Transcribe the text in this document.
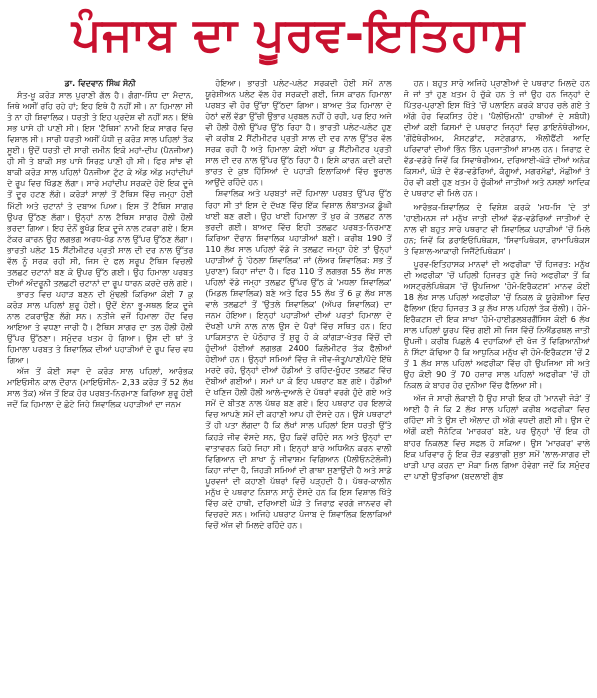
ਪੰਜਾਬ ਦਾ ਪੂਰਵ-ਇਤਿਹਾਸ

ਡਾ. ਵਿਦਵਾਨ ਸਿੰਘ ਸੋਨੀ

ਸੰਤ-ਖੂ ਕਰੋੜ ਸਾਲ ਪੁਰਾਣੀ ਗੱਲ ਹੈ। ਗੰਗਾ-ਸਿੰਧ ਦਾ ਮੈਦਾਨ, ਜਿਥੇ ਅਸੀਂ ਰਹਿ ਰਹੇ ਹਾਂ; ਇਹ ਇਥੇ ਹੈ ਨਹੀਂ ਸੀ। ਨਾ ਹਿਮਾਲਾ ਸੀ ਤੇ ਨਾ ਹੀ ਸ਼ਿਵਾਲਿਕ। ਧਰਤੀ ਤੇ ਇਹ ਪ੍ਰਦੇਸ਼ ਵੀ ਨਹੀਂ ਸਨ। ਇੱਥੇ ਸਭ ਪਾਸੇ ਹੀ ਪਾਣੀ ਸੀ। ਇਸ 'ਟੈਥਿਸ' ਨਾਮੀ ਇਕ ਸਾਗਰ ਵਿਚ ਵਿਸ਼ਾਲ ਸੀ। ਸਾਰੀ ਧਰਤੀ ਅਸੀਂ ਪੰਧੀ ਜੁ ਕਰੋੜ ਸਾਲ ਪਹਿਲਾਂ ਤੱਕ ਸੂਈ। ਉਦੋਂ ਧਰਤੀ ਦੀ ਸਾਰੀ ਜ਼ਮੀਨ ਇਕੋ ਮਹਾਂ-ਦੀਪ (ਪੈਨਜੀਆ) ਹੀ ਸੀ ਤੇ ਬਾਕੀ ਸਭ ਪਾਸੇ ਸਿਰਫ਼ ਪਾਣੀ ਹੀ ਸੀ। ਫਿਰ ਸਾਂਝ ਵੀ ਬਾਕੀ ਕਰੋੜ ਸਾਲ ਪਹਿਲਾਂ ਪੈਨਜੀਆ ਟੁੱਟ ਕੇ ਅੱਡ ਅੱਡ ਮਹਾਂਦੀਪਾਂ ਦੇ ਰੂਪ ਵਿਚ ਖਿੰਡਣ ਲੱਗਾ। ਸਾਰੇ ਮਹਾਂਦੀਪ ਸਰਕਦੇ ਹੋਏ ਇਕ ਦੂਜੇ ਤੋਂ ਦੂਰ ਹਟਣ ਲੱਗੇ। ਕਰੋੜਾਂ ਸਾਲਾਂ ਤੋਂ ਟੈਥਿਸ ਵਿੱਚ ਜਮ੍ਹਾ ਹੋਈ ਮਿੱਟੀ ਅਤੇ ਚਟਾਨਾਂ ਤੇ ਦਬਾਅ ਪਿਆ। ਇਸ ਤੋਂ ਟੈਥਿਸ ਸਾਗਰ ਉਪਰ ਉੱਠਣ ਲੱਗਾ। ਉਨ੍ਹਾਂ ਨਾਲ ਟੈਥਿਸ ਸਾਗਰ ਹੌਲੀ ਹੌਲੀ ਭਰਦਾ ਗਿਆ। ਇਹ ਦੋਨੋਂ ਭੂਖੰਡ ਇਕ ਦੂਜੇ ਨਾਲ ਟਕਰਾ ਗਏ। ਇਸ ਟੱਕਰ ਕਾਰਨ ਉਹ ਲਗਭਗ ਅਰਧ-ਖੰਡ ਨਾਲ ਉੱਪਰ ਉੱਠਣ ਲੱਗਾ। ਭਾਰਤੀ ਪਲੇਟ 15 ਸੈਂਟੀਮੀਟਰ ਪ੍ਰਤੀ ਸਾਲ ਦੀ ਦਰ ਨਾਲ ਉੱਤਰ ਵੱਲ ਨੂੰ ਸਰਕ ਰਹੀ ਸੀ, ਜਿਸ ਦੇ ਫਲ ਸਰੂਪ ਟੈਥਿਸ ਵਿਚਲੀ ਤਲਛਟ ਚਟਾਨਾਂ ਬਣ ਕੇ ਉਪਰ ਉੱਠ ਗਈ। ਉਹ ਹਿਮਾਲਾ ਪਰਬਤ ਦੀਆਂ ਅੰਦਰੂਨੀ ਤਲਛਟੀ ਚਟਾਨਾਂ ਦਾ ਰੂਪ ਧਾਰਨ ਕਰਦੇ ਚਲੇ ਗਏ।

ਭਾਰਤ ਵਿਚ ਪਹਾੜ ਬਣਨ ਦੀ ਮੁੱਢਲੀ ਕਿਰਿਆ ਕੋਈ 7 ਕੁ ਕਰੋੜ ਸਾਲ ਪਹਿਲਾਂ ਸ਼ੁਰੂ ਹੋਈ। ਉਦੋਂ ਏਨਾ ਭੂ-ਸਥਲ ਇਕ ਦੂਜੇ ਨਾਲ ਟਕਰਾਉਣ ਲੱਗੇ ਸਨ। ਨਤੀਜੇ ਵਜੋਂ ਹਿਮਾਲਾ ਹੋਂਦ ਵਿਚ ਆਇਆ ਤੇ ਵਧਣਾ ਜਾਰੀ ਹੈ। ਟੈਥਿਸ ਸਾਗਰ ਦਾ ਤਲ ਹੌਲੀ ਹੌਲੀ ਉੱਪਰ ਉੱਠਣਾ। ਸਮੁੰਦਰ ਖਤਮ ਹੋ ਗਿਆ। ਉਸ ਦੀ ਥਾਂ ਤੇ ਹਿਮਾਲਾ ਪਰਬਤ ਤੇ ਸ਼ਿਵਾਲਿਕ ਦੀਆਂ ਪਹਾੜੀਆਂ ਦੇ ਰੂਪ ਵਿਚ ਵਧ ਗਿਆ।

ਅੱਜ ਤੋਂ ਕੋਈ ਸਵਾ ਦੋ ਕਰੋੜ ਸਾਲ ਪਹਿਲਾਂ, ਆਰੰਭਕ ਮਾਇਓਸੀਨ ਕਾਲ ਦੌਰਾਨ (ਮਾਇਓਸੀਨ- 2,33 ਕਰੋੜ ਤੋਂ 52 ਲੱਖ ਸਾਲ ਤੱਕ) ਅੱਜ ਤੋਂ ਇਕ ਹੋਰ ਪਰਬਤ-ਨਿਰਮਾਣ ਕਿਰਿਆ ਸ਼ੁਰੂ ਹੋਈ ਜਦੋਂ ਕਿ ਹਿਮਾਲਾ ਦੇ ਛੋਟੇ ਜਿਹੇ ਸ਼ਿਵਾਲਿਕ ਪਹਾੜੀਆਂ ਦਾ ਜਨਮ

ਹੋਇਆ। ਭਾਰਤੀ ਪਲੇਟ-ਪਲੇਟ ਸਰਕਦੀ ਹੋਈ ਸਮੇਂ ਨਾਲ ਯੂਰੇਸ਼ੀਅਨ ਪਲੇਟ ਵੱਲ ਹੋਰ ਸਰਕਦੀ ਗਈ, ਜਿਸ ਕਾਰਨ ਹਿਮਾਲਾ ਪਰਬਤ ਵੀ ਹੋਰ ਉੱਚਾ ਉੱਠਦਾ ਗਿਆ। ਬਾਅਦ ਤੱਕ ਹਿਮਾਲਾ ਦੇ ਹੇਠਾਂ ਵਲੋਂ ਵੱਡਾ ਉੱਚੀ ਉਭਾਰ ਪ੍ਰਬਲ ਨਹੀਂ ਹੋ ਰਹੀ, ਪਰ ਇਹ ਅਜੇ ਵੀ ਹੌਲੀ ਹੌਲੀ ਉੱਪਰ ਉੱਠ ਰਿਹਾ ਹੈ। ਭਾਰਤੀ ਪਲੇਟ-ਪਲੇਟ ਹੁਣ ਵੀ ਕਰੀਬ 2 ਸੈਂਟੀਮੀਟਰ ਪ੍ਰਤੀ ਸਾਲ ਦੀ ਦਰ ਨਾਲ ਉੱਤਰ ਵੱਲ ਸਰਕ ਰਹੀ ਹੈ ਅਤੇ ਹਿਮਾਲਾ ਕੋਈ ਅੱਧਾ ਕੁ ਸੈਂਟੀਮੀਟਰ ਪ੍ਰਤੀ ਸਾਲ ਦੀ ਦਰ ਨਾਲ ਉੱਪਰ ਉੱਠ ਰਿਹਾ ਹੈ। ਇਸੇ ਕਾਰਨ ਕਦੀ ਕਦੀ ਭਾਰਤ ਦੇ ਕੁਝ ਹਿੱਸਿਆਂ ਦੇ ਪਹਾੜੀ ਇਲਾਕਿਆਂ ਵਿੱਚ ਭੂਚਾਲ ਆਉਂਦੇ ਰਹਿੰਦੇ ਹਨ।

ਸ਼ਿਵਾਲਿਕ ਅਤੇ ਪਰਬਤਾਂ ਜਦੋਂ ਹਿਮਾਲਾ ਪਰਬਤ ਉੱਪਰ ਉੱਠ ਰਿਹਾ ਸੀ ਤਾਂ ਇਸ ਦੇ ਦੱਖਣ ਵਿੱਚ ਇੱਕ ਵਿਸ਼ਾਲ ਲੰਬਾਤਮਕ ਡੂੰਘੀ ਖਾਈ ਬਣ ਗਈ। ਉਹ ਖਾਈ ਹਿਮਾਲਾ ਤੋਂ ਖੁਰ ਕੇ ਤਲਛਟ ਨਾਲ ਭਰਦੀ ਗਈ। ਬਾਅਦ ਵਿੱਚ ਇਹੀ ਤਲਛਟ ਪਰਬਤ-ਨਿਰਮਾਣ ਕਿਰਿਆ ਦੌਰਾਨ ਸ਼ਿਵਾਲਿਕ ਪਹਾੜੀਆਂ ਬਣੀ। ਕਰੀਬ 190 ਤੋਂ 110 ਲੱਖ ਸਾਲ ਪਹਿਲਾਂ ਵੱਡੇ ਜੇ ਤਲਛਟ ਜਮ੍ਹਾ ਹੋਏ ਤਾਂ ਉਨ੍ਹਾਂ ਪਹਾੜੀਆਂ ਨੂੰ 'ਹੇਠਲਾ ਸ਼ਿਵਾਲਿਕ' ਜਾਂ (ਲੋਅਰ ਸ਼ਿਵਾਲਿਕ: ਸਭ ਤੋਂ ਪੁਰਾਣਾ) ਕਿਹਾ ਜਾਂਦਾ ਹੈ। ਫਿਰ 110 ਤੋਂ ਲਗਭਗ 55 ਲੱਖ ਸਾਲ ਪਹਿਲਾਂ ਵੱਡੇ ਜਮ੍ਹਾ ਤਲਛਟ ਉੱਪਰ ਉੱਠ ਕੇ 'ਮਧਲਾ ਸ਼ਿਵਾਲਿਕ' (ਮਿਡਲ ਸ਼ਿਵਾਲਿਕ) ਬਣੇ ਅਤੇ ਫਿਰ 55 ਲੱਖ ਤੋਂ 6 ਕੁ ਲੱਖ ਸਾਲ ਵਾਲੇ ਤਲਛਟਾਂ ਤੋਂ 'ਉਤਲੇ ਸ਼ਿਵਾਲਿਕ' (ਅੱਪਰ ਸ਼ਿਵਾਲਿਕ) ਦਾ ਜਨਮ ਹੋਇਆ। ਇਨ੍ਹਾਂ ਪਹਾੜੀਆਂ ਦੀਆਂ ਪਰਤਾਂ ਹਿਮਾਲਾ ਦੇ ਦੱਖਣੀ ਪਾਸੇ ਨਾਲ ਨਾਲ ਉਸ ਦੇ ਪੈਰਾਂ ਵਿੱਚ ਸਥਿਤ ਹਨ। ਇਹ ਪਾਕਿਸਤਾਨ ਦੇ ਪੋਠੋਹਾਰ ਤੋਂ ਸ਼ੁਰੂ ਹੋ ਕੇ ਕਾਂਗੜਾ-ਖੇਤਰ ਵਿੱਚੋਂ ਦੀ ਹੁੰਦੀਆਂ ਹੋਈਆਂ ਲਗਭਗ 2400 ਕਿਲੋਮੀਟਰ ਤੱਕ ਫੈਲੀਆਂ ਹੋਈਆਂ ਹਨ। ਉਨ੍ਹਾਂ ਸਮਿਆਂ ਵਿੱਚ ਜੋ ਜੀਵ-ਜੰਤੂ/ਪਾਣੀ/ਪੌਦੇ ਇੱਥੇ ਮਰਦੇ ਰਹੇ, ਉਨ੍ਹਾਂ ਦੀਆਂ ਹੱਡੀਆਂ ਤੇ ਰਹਿੰਦ-ਖੂੰਹਦ ਤਲਛਟ ਵਿੱਚ ਦੱਬੀਆਂ ਗਈਆਂ। ਸਮਾਂ ਪਾ ਕੇ ਇਹ ਪਥਰਾਟ ਬਣ ਗਏ। ਹੱਡੀਆਂ ਦੇ ਖਣਿਜ ਹੌਲੀ ਹੌਲੀ ਆਲੇ-ਦੁਆਲੇ ਦੇ ਪੱਥਰਾਂ ਵਰਗੇ ਹੁੰਦੇ ਗਏ ਅਤੇ ਸਮੇਂ ਦੇ ਬੀਤਣ ਨਾਲ ਪੱਥਰ ਬਣ ਗਏ। ਇਹ ਪਥਰਾਟ ਹਰ ਇਲਾਕੇ ਵਿਚ ਆਪਣੇ ਸਮੇਂ ਦੀ ਕਹਾਣੀ ਆਪ ਹੀ ਦੱਸਦੇ ਹਨ। ਉਸੇ ਪਥਰਾਟਾਂ ਤੋਂ ਹੀ ਪਤਾ ਲੱਗਦਾ ਹੈ ਕਿ ਲੱਖਾਂ ਸਾਲ ਪਹਿਲਾਂ ਇਸ ਧਰਤੀ ਉੱਤੇ ਕਿਹੜੇ ਜੀਵ ਵੱਸਦੇ ਸਨ, ਉਹ ਕਿਵੇਂ ਰਹਿੰਦੇ ਸਨ ਅਤੇ ਉਨ੍ਹਾਂ ਦਾ ਵਾਤਾਵਰਨ ਕਿਹੋ ਜਿਹਾ ਸੀ। ਇਨ੍ਹਾਂ ਬਾਰੇ ਅਧਿਐਨ ਕਰਨ ਵਾਲੀ ਵਿਗਿਆਨ ਦੀ ਸ਼ਾਖਾ ਨੂੰ ਜੀਵਾਸ਼ਮ ਵਿਗਿਆਨ (ਪੈਲੀਓਨਟੋਲੋਜੀ) ਕਿਹਾ ਜਾਂਦਾ ਹੈ, ਜਿਹੜੀ ਸਮਿਆਂ ਦੀ ਗਾਥਾ ਸੁਣਾਉਂਦੀ ਹੈ ਅਤੇ ਸਾਡੇ ਪੂਰਵਜਾਂ ਦੀ ਕਹਾਣੀ ਪੱਥਰਾਂ ਵਿਚੋਂ ਪੜ੍ਹਦੀ ਹੈ। ਪੱਥਰ-ਕਾਲੀਨ ਮਨੁੱਖ ਦੇ ਪਥਰਾਟ ਨਿਸ਼ਾਨ ਸਾਨੂੰ ਦੱਸਦੇ ਹਨ ਕਿ ਇਸ ਵਿਸ਼ਾਲ ਖਿੱਤੇ ਵਿੱਚ ਕਦੇ ਹਾਥੀ, ਦਰਿਆਈ ਘੋੜੇ ਤੇ ਜਿਰਾਫ਼ ਵਰਗੇ ਜਾਨਵਰ ਵੀ ਵਿਚਰਦੇ ਸਨ। ਅਜਿਹੇ ਪਥਰਾਟ ਪੰਜਾਬ ਦੇ ਸ਼ਿਵਾਲਿਕ ਇਲਾਕਿਆਂ ਵਿਚੋਂ ਅੱਜ ਵੀ ਮਿਲਦੇ ਰਹਿੰਦੇ ਹਨ।

ਹਨ। ਬਹੁਤ ਸਾਰੇ ਅਜਿਹੇ ਪ੍ਰਾਣੀਆਂ ਦੇ ਪਥਰਾਟ ਮਿਲਦੇ ਹਨ ਜੋ ਜਾਂ ਤਾਂ ਹੁਣ ਖ਼ਤਮ ਹੋ ਚੁੱਕੇ ਹਨ ਤੇ ਜਾਂ ਉਹ ਹਨ ਜਿਨ੍ਹਾਂ ਦੇ ਪਿੱਤਰ-ਪ੍ਰਾਣੀ ਇਸ ਖ਼ਿੱਤੇ 'ਚੋਂ ਪਲਾਇਨ ਕਰਕੇ ਬਾਹਰ ਚਲੇ ਗਏ ਤੇ ਅੱਗੇ ਹੋਰ ਵਿਕਸਿਤ ਹੋਏ। 'ਪੈਲੀਓਮਨੀ' ਹਾਥੀਆਂ ਦੇ ਸਬੰਧੀ) ਦੀਆਂ ਕਈ ਕਿਸਮਾਂ ਦੇ ਪਥਰਾਟ ਜਿਨ੍ਹਾਂ ਵਿਚ ਡਾਇਨੋਥੇਰੀਅਮ, 'ਗੋਂਫੋਥੇਰੀਅਮ, ਮੈਸਟਡਾਂਟ, ਸਟੇਗਡਾਨ, ਐਲੀਫੈਂਟੀ ਆਦਿ ਪਰਿਵਾਰਾਂ ਦੀਆਂ ਭਿੰਨ ਭਿੰਨ ਪ੍ਰਜਾਤੀਆਂ ਸ਼ਾਮਲ ਹਨ। ਜਿਰਾਫ਼ ਦੇ ਵੱਡ-ਵਡੇਰੇ ਜਿਵੇਂ ਕਿ ਸਿਵਾਥੇਰੀਅਮ, ਦਰਿਆਈ-ਘੋੜੇ ਦੀਆਂ ਅਨੇਕ ਕਿਸਮਾਂ, ਘੋੜੇ ਦੇ ਵੱਡ-ਵਡੇਰਿਆਂ, ਕੰਗੂਆਂ, ਮਗਰਮੱਛਾਂ, ਮੱਛੀਆਂ ਤੇ ਹੋਰ ਵੀ ਕਈ ਹੁਣ ਖ਼ਤਮ ਹੋ ਚੁੱਕੀਆਂ ਜਾਤੀਆਂ ਅਤੇ ਨਸਲਾਂ ਆਦਿਕ ਦੇ ਪਥਰਾਟ ਵੀ ਮਿਲੇ ਹਨ।

ਆਰੰਭਕ-ਸ਼ਿਵਾਲਿਕ ਦੇ ਵਿਸ਼ੇਸ਼ ਕਰਕੇ 'ਮਧ-ਸਿ 'ਦੇ ਤਾਂ 'ਹਾਈਮਨਸ ਜਾਂ ਮਨੁੱਖ ਜਾਤੀ ਦੀਆਂ ਵੱਡ-ਵਡੇਰਿਆਂ ਜਾਤੀਆਂ ਦੇ ਨਾਲ ਵੀ ਬਹੁਤ ਸਾਰੇ ਪਥਰਾਟ ਵੀ ਸ਼ਿਵਾਲਿਕ ਪਹਾੜੀਆਂ 'ਚੋਂ ਮਿਲੇ ਹਨ; ਜਿਵੇਂ ਕਿ ਡਰਾਇਓਪਿਥੇਕਸ, 'ਸਿਵਾਪਿਥੇਕਸ, ਰਾਮਾਪਿਥੇਕਸ ਤੇ ਵਿਸ਼ਾਲ-ਆਕਾਰੀ ਜਿਜੈਂਟੋਪਿਥੇਕਸ'।

ਪੂਰਵ-ਇਤਿਹਾਸਕ ਮਾਨਵਾਂ ਦੀ ਅਫਰੀਕਾ 'ਚੋਂ ਹਿਜਰਤ: ਮਨੁੱਖ ਦੀ ਅਫਰੀਕਾ 'ਚੋਂ ਪਹਿਲੀ ਹਿਜਰਤ ਹੁਣੇ ਜਿਹੇ ਅਫਰੀਕਾ ਤੋਂ ਕਿ ਅਸਟ੍ਰਲੋਪਿਥੇਕਸ 'ਚੋਂ ਉਪਜਿਆ 'ਹੋਮੋ-ਇਰੈਕਟਸ' ਮਾਨਵ ਕੋਈ 18 ਲੱਖ ਸਾਲ ਪਹਿਲਾਂ ਅਫਰੀਕਾ 'ਚੋਂ ਨਿਕਲ ਕੇ ਯੂਰੇਸ਼ੀਆ ਵਿਚ ਫੈਲਿਆ (ਇਹ ਹਿਜਰਤ 3 ਕੁ ਲੱਖ ਸਾਲ ਪਹਿਲਾਂ ਤੱਕ ਚੱਲੀ)। ਹੋਮੋ-ਇਰੈਕਟਸ ਦੀ ਇਕ ਸ਼ਾਖਾ 'ਹੋਮੋ-ਹਾਈਡਲਬਰਗੈਂਸਿਸ ਕੋਈ 6 ਲੱਖ ਸਾਲ ਪਹਿਲਾਂ ਯੂਰਪ ਵਿੱਚ ਗਈ ਸੀ ਜਿਸ ਵਿੱਚੋਂ ਨਿਐਂਡਰਥਲ ਜਾਤੀ ਉਪਜੀ। ਕਰੀਬ ਪਿਛਲੇ 4 ਦਹਾਕਿਆਂ ਦੀ ਖੋਜ ਤੋਂ ਵਿਗਿਆਨੀਆਂ ਨੇ ਸਿੱਟਾ ਕੱਢਿਆ ਹੈ ਕਿ ਆਧੁਨਿਕ ਮਨੁੱਖ ਵੀ ਹੋਮੋ-ਇਰੈਕਟਸ 'ਚੋਂ 2 ਤੋਂ 1 ਲੱਖ ਸਾਲ ਪਹਿਲਾਂ ਅਫਰੀਕਾ ਵਿੱਚ ਹੀ ਉਪਜਿਆ ਸੀ ਅਤੇ ਉਹ ਕੋਈ 90 ਤੋਂ 70 ਹਜ਼ਾਰ ਸਾਲ ਪਹਿਲਾਂ ਅਫਰੀਕਾ 'ਚੋਂ ਹੀ ਨਿਕਲ ਕੇ ਬਾਹਰ ਹੋਰ ਦੁਨੀਆ ਵਿੱਚ ਫੈਲਿਆ ਸੀ।

ਅੱਜ ਜੋ ਸਾਰੀ ਲੋਕਾਈ ਹੈ ਉਹ ਸਾਰੀ ਇਕ ਹੀ 'ਮਾਨਵੀ ਜੋੜੇ' ਤੋਂ ਆਈ ਹੈ ਜੋ ਕਿ 2 ਲੱਖ ਸਾਲ ਪਹਿਲਾਂ ਕਰੀਬ ਅਫਰੀਕਾ ਵਿਚ ਰਹਿੰਦਾ ਸੀ ਤੇ ਉਸ ਦੀ ਔਲਾਦ ਹੀ ਅੱਗੇ ਵਧਦੀ ਗਈ ਸੀ। ਉਸ ਦੇ ਅੱਗੋਂ ਕਈ ਜੈਨੇਟਿਕ 'ਮਾਰਕਰ' ਬਣੇ, ਪਰ ਉਨ੍ਹਾਂ 'ਚੋਂ ਇਕ ਹੀ ਬਾਹਰ ਨਿਕਲਣ ਵਿਚ ਸਫਲ ਹੋ ਸਕਿਆ। ਉਸ 'ਮਾਰਕਰ' ਵਾਲੇ ਇਕ ਪਰਿਵਾਰ ਨੂੰ ਇਕ ਚੌੜ ਵਡਭਾਗੀ ਸੁਭਾ ਸਮੇਂ 'ਲਾਲ-ਸਾਗਰ ਦੀ ਖਾੜੀ ਪਾਰ ਕਰਨ ਦਾ ਮੌਕਾ ਮਿਲ ਗਿਆ ਹੋਵੇਗਾ ਜਦੋਂ ਕਿ ਸਮੁੰਦਰ ਦਾ ਪਾਣੀ ਉਤਰਿਆ (ਬਦਲਾਈ ਗੁੰਝ
